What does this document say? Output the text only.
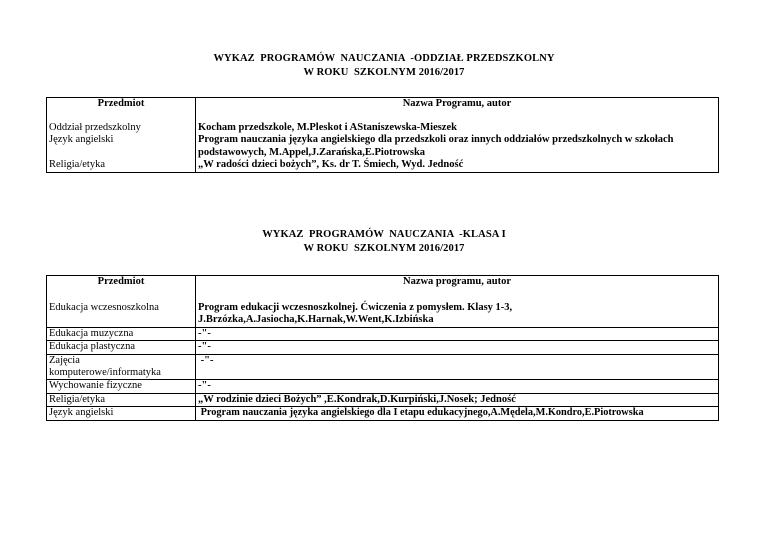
WYKAZ  PROGRAMÓW  NAUCZANIA  -ODDZIAŁ PRZEDSZKOLNY
W ROKU  SZKOLNYM 2016/2017
Przedmiot	Nazwa Programu, autor
Oddział przedszkolny	Kocham przedszkole, M.Pleskot i AStaniszewska-Mieszek
Język angielski	Program nauczania języka angielskiego dla przedszkoli oraz innych oddziałów przedszkolnych w szkołach podstawowych, M.Appel,J.Zarańska,E.Piotrowska
Religia/etyka	„W radości dzieci bożych”, Ks. dr T. Śmiech, Wyd. Jedność
WYKAZ  PROGRAMÓW  NAUCZANIA  -KLASA I
W ROKU  SZKOLNYM 2016/2017
Przedmiot	Nazwa programu, autor
Edukacja wczesnoszkolna	Program edukacji wczesnoszkolnej. Ćwiczenia z pomysłem. Klasy 1-3, J.Brzózka,A.Jasiocha,K.Harnak,W.Went,K.Izbińska
Edukacja muzyczna	-"-
Edukacja plastyczna	-"-
Zajęcia komputerowe/informatyka	-"-
Wychowanie fizyczne	-"-
Religia/etyka	„W rodzinie dzieci Bożych” ,E.Kondrak,D.Kurpiński,J.Nosek; Jedność
Język angielski	Program nauczania języka angielskiego dla I etapu edukacyjnego,A.Mędela,M.Kondro,E.Piotrowska
